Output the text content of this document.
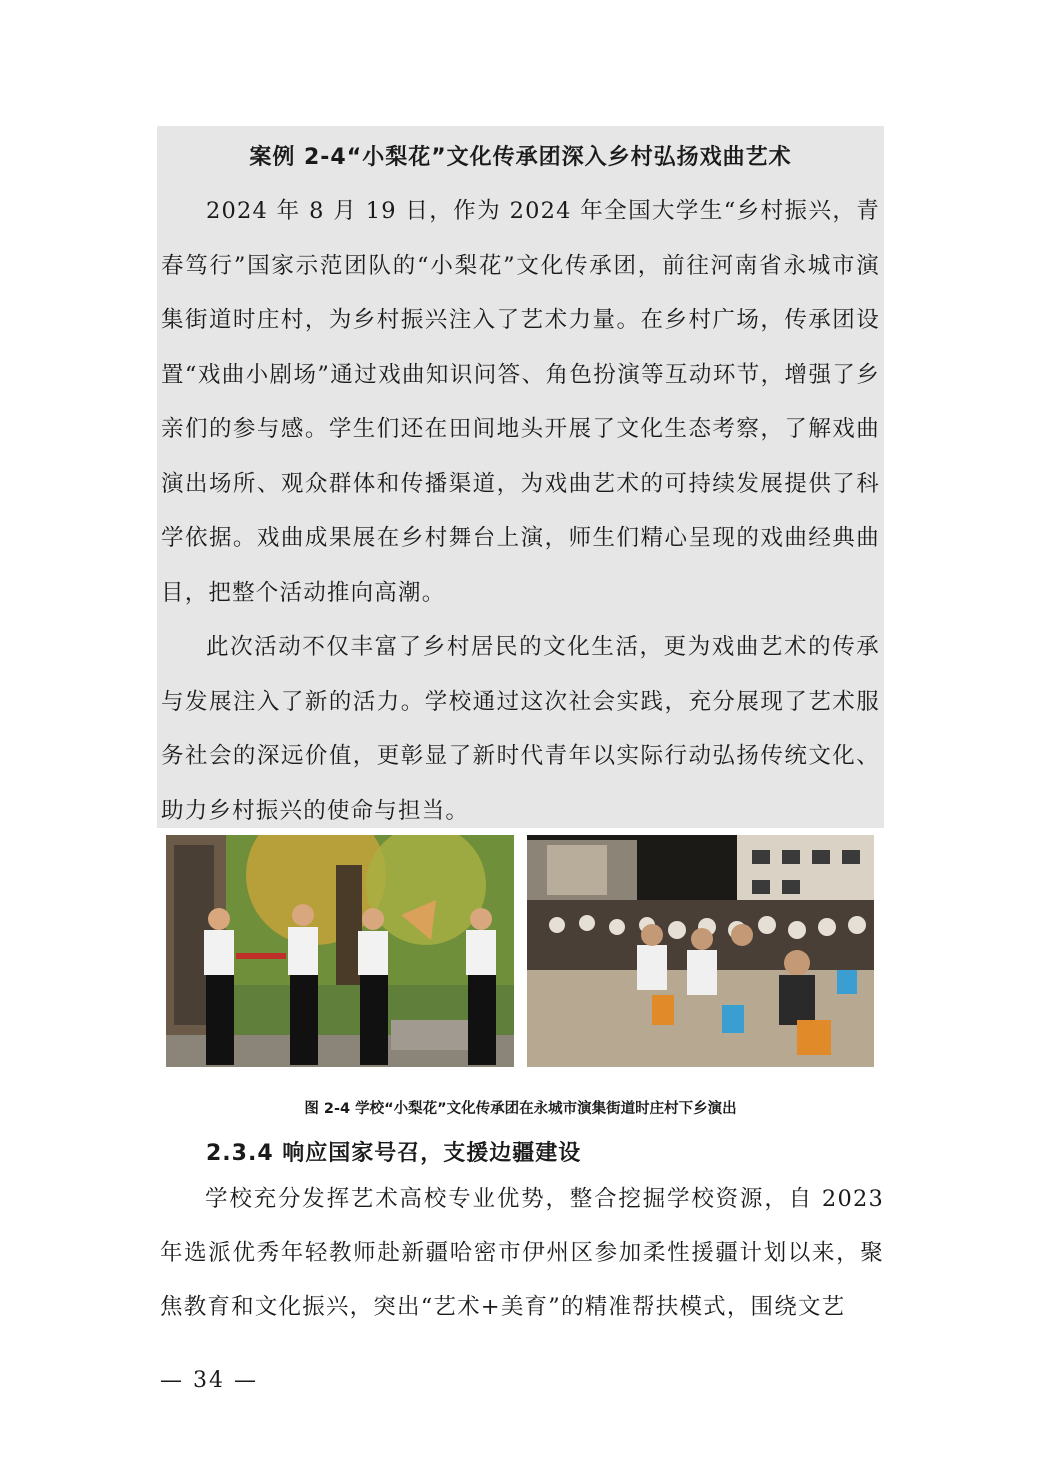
案例 2-4“小梨花”文化传承团深入乡村弘扬戏曲艺术

2024 年 8 月 19 日，作为 2024 年全国大学生“乡村振兴，青春笃行”国家示范团队的“小梨花”文化传承团，前往河南省永城市演集街道时庄村，为乡村振兴注入了艺术力量。在乡村广场，传承团设置“戏曲小剧场”通过戏曲知识问答、角色扮演等互动环节，增强了乡亲们的参与感。学生们还在田间地头开展了文化生态考察，了解戏曲演出场所、观众群体和传播渠道，为戏曲艺术的可持续发展提供了科学依据。戏曲成果展在乡村舞台上演，师生们精心呈现的戏曲经典曲目，把整个活动推向高潮。

此次活动不仅丰富了乡村居民的文化生活，更为戏曲艺术的传承与发展注入了新的活力。学校通过这次社会实践，充分展现了艺术服务社会的深远价值，更彰显了新时代青年以实际行动弘扬传统文化、助力乡村振兴的使命与担当。

图 2-4 学校“小梨花”文化传承团在永城市演集街道时庄村下乡演出
2.3.4 响应国家号召，支援边疆建设

学校充分发挥艺术高校专业优势，整合挖掘学校资源，自 2023 年选派优秀年轻教师赴新疆哈密市伊州区参加柔性援疆计划以来，聚焦教育和文化振兴，突出“艺术+美育”的精准帮扶模式，围绕文艺

— 34 —
